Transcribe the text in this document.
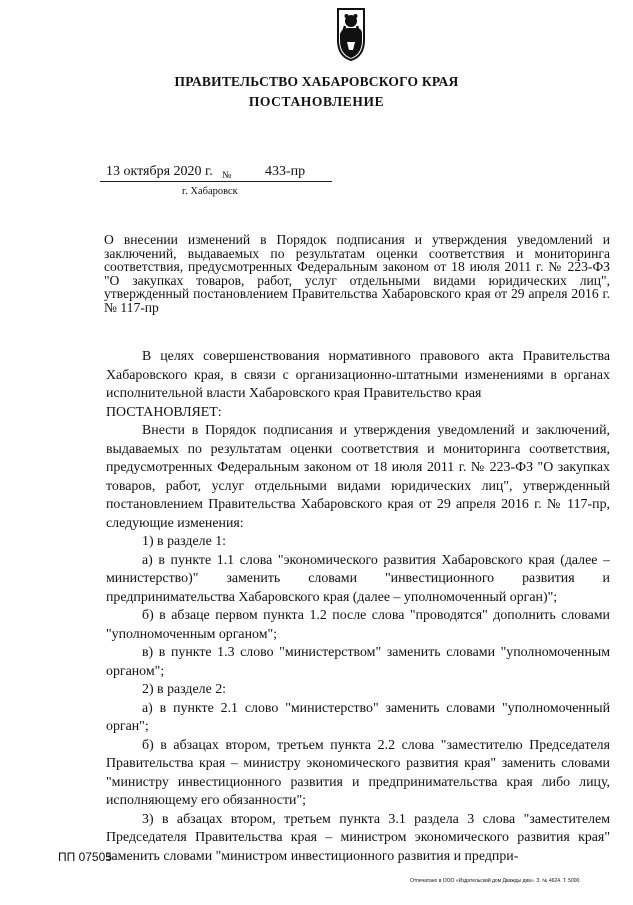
ПРАВИТЕЛЬСТВО ХАБАРОВСКОГО КРАЯ
ПОСТАНОВЛЕНИЕ
13 октября 2020 г. № 433-пр
г. Хабаровск
О внесении изменений в Порядок подписания и утверждения уведомлений и заключений, выдаваемых по результатам оценки соответствия и мониторинга соответствия, предусмотренных Федеральным законом от 18 июля 2011 г. № 223-ФЗ "О закупках товаров, работ, услуг отдельными видами юридических лиц", утвержденный постановлением Правительства Хабаровского края от 29 апреля 2016 г. № 117-пр

В целях совершенствования нормативного правового акта Правительства Хабаровского края, в связи с организационно-штатными изменениями в органах исполнительной власти Хабаровского края Правительство края

ПОСТАНОВЛЯЕТ:

Внести в Порядок подписания и утверждения уведомлений и заключений, выдаваемых по результатам оценки соответствия и мониторинга соответствия, предусмотренных Федеральным законом от 18 июля 2011 г. № 223-ФЗ "О закупках товаров, работ, услуг отдельными видами юридических лиц", утвержденный постановлением Правительства Хабаровского края от 29 апреля 2016 г. № 117-пр, следующие изменения:

1) в разделе 1:

а) в пункте 1.1 слова "экономического развития Хабаровского края (далее – министерство)" заменить словами "инвестиционного развития и предпринимательства Хабаровского края (далее – уполномоченный орган)";

б) в абзаце первом пункта 1.2 после слова "проводятся" дополнить словами "уполномоченным органом";

в) в пункте 1.3 слово "министерством" заменить словами "уполномоченным органом";

2) в разделе 2:

а) в пункте 2.1 слово "министерство" заменить словами "уполномоченный орган";

б) в абзацах втором, третьем пункта 2.2 слова "заместителю Председателя Правительства края – министру экономического развития края" заменить словами "министру инвестиционного развития и предпринимательства края либо лицу, исполняющему его обязанности";

3) в абзацах втором, третьем пункта 3.1 раздела 3 слова "заместителем Председателя Правительства края – министром экономического развития края" заменить словами "министром инвестиционного развития и предпри-

ПП 07505
Отпечатано в ООО «Издательский дом Дважды два». З. № 4624. Т. 5000.
